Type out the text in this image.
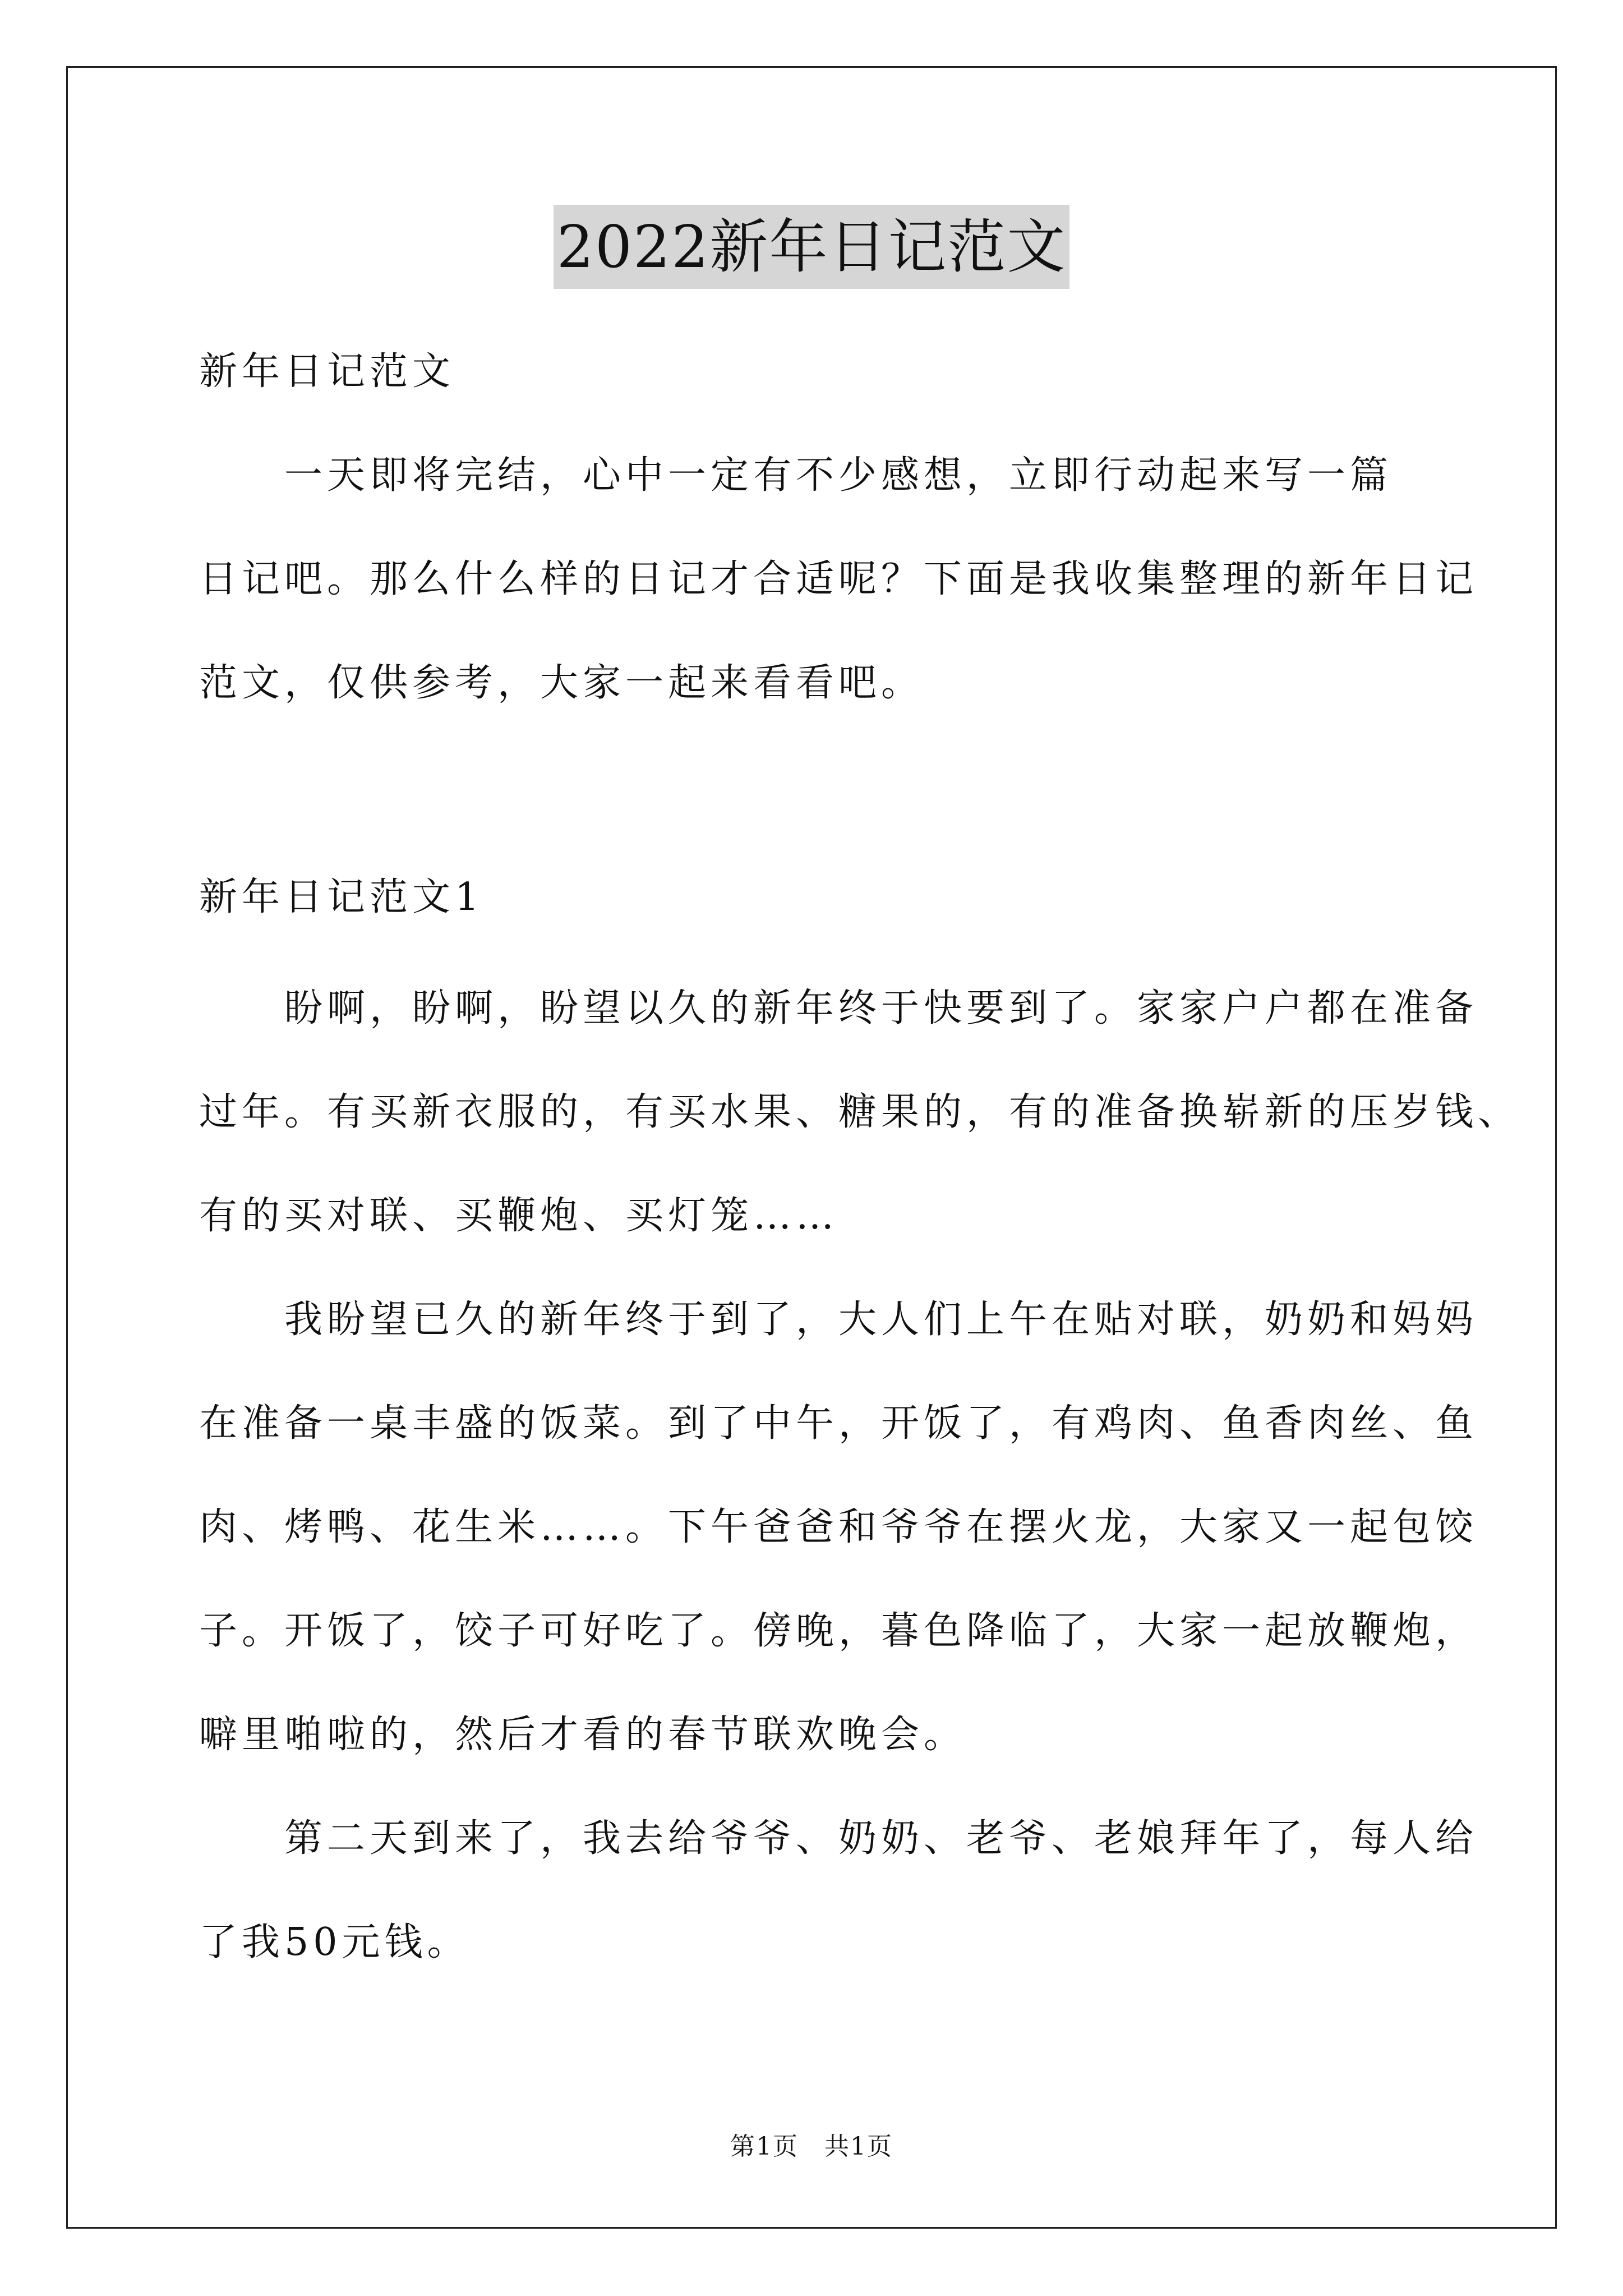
2022新年日记范文
新年日记范文
　　一天即将完结，心中一定有不少感想，立即行动起来写一篇
日记吧。那么什么样的日记才合适呢？下面是我收集整理的新年日记
范文，仅供参考，大家一起来看看吧。
新年日记范文1
　　盼啊，盼啊，盼望以久的新年终于快要到了。家家户户都在准备
过年。有买新衣服的，有买水果、糖果的，有的准备换崭新的压岁钱、
有的买对联、买鞭炮、买灯笼……
　　我盼望已久的新年终于到了，大人们上午在贴对联，奶奶和妈妈
在准备一桌丰盛的饭菜。到了中午，开饭了，有鸡肉、鱼香肉丝、鱼
肉、烤鸭、花生米……。下午爸爸和爷爷在摆火龙，大家又一起包饺
子。开饭了，饺子可好吃了。傍晚，暮色降临了，大家一起放鞭炮，
噼里啪啦的，然后才看的春节联欢晚会。
　　第二天到来了，我去给爷爷、奶奶、老爷、老娘拜年了，每人给
了我50元钱。
第1页　共1页
